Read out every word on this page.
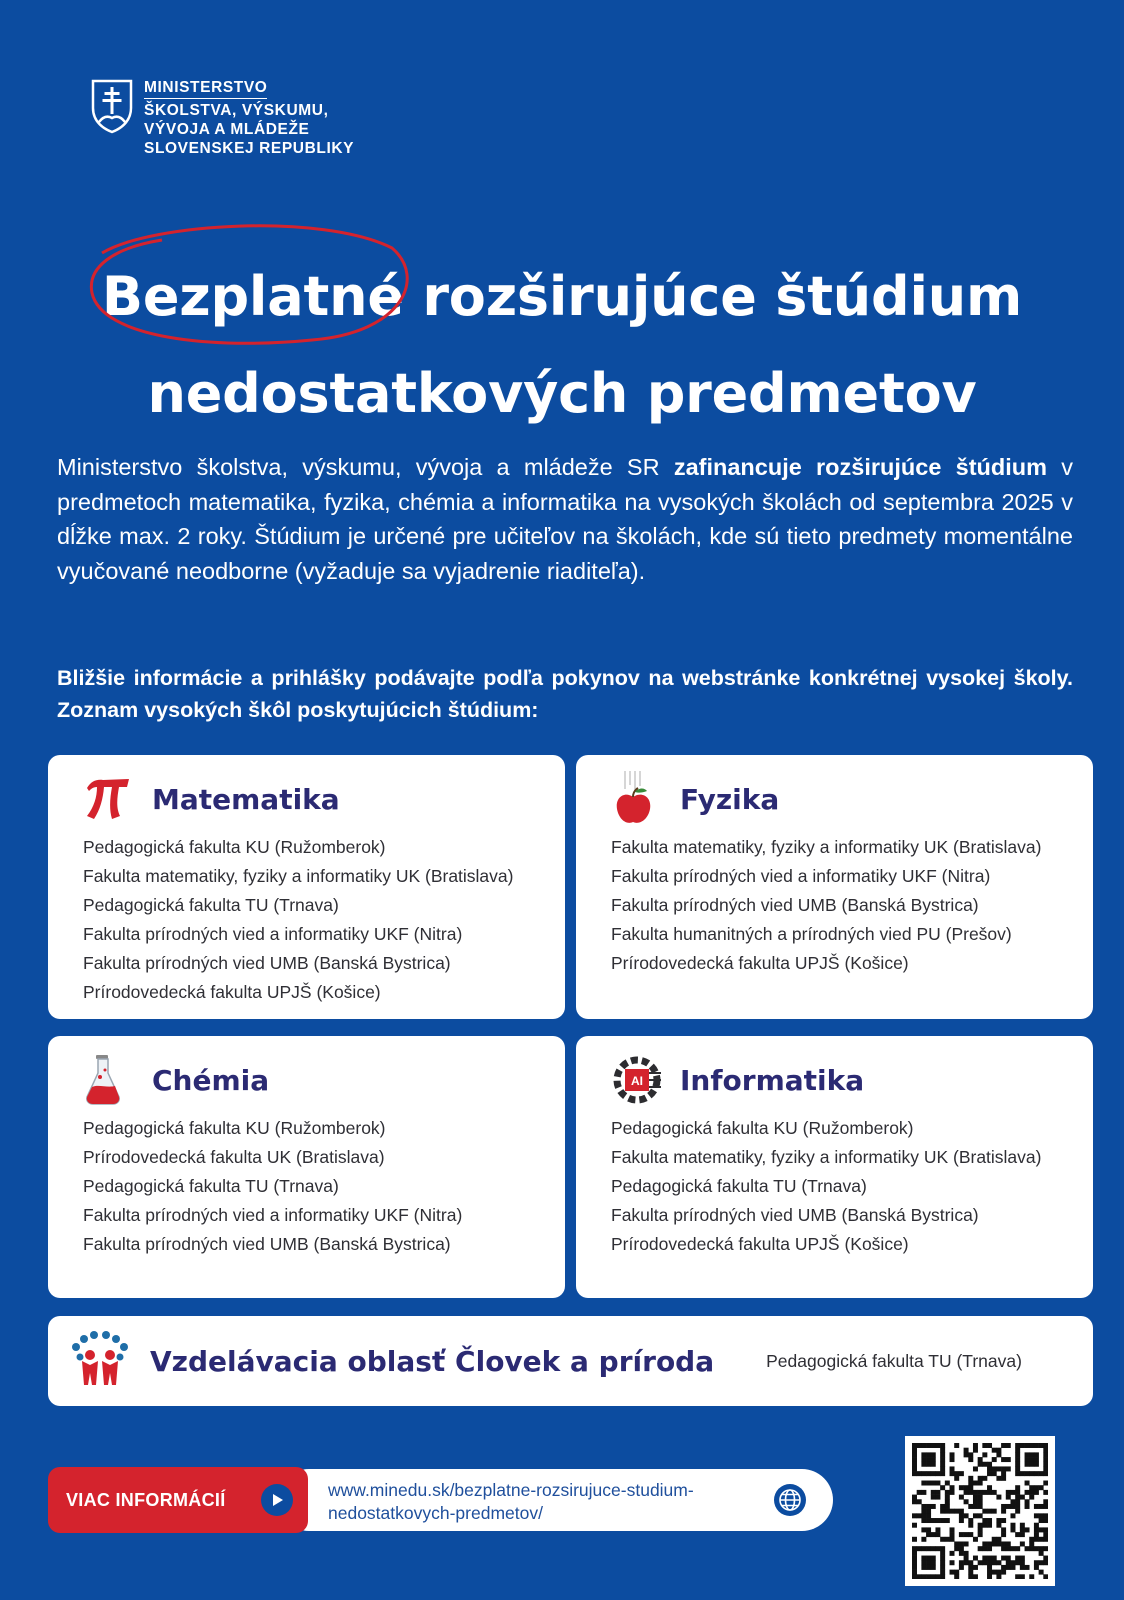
MINISTERSTVO
ŠKOLSTVA, VÝSKUMU,
VÝVOJA A MLÁDEŽE
SLOVENSKEJ REPUBLIKY
Bezplatné rozširujúce štúdium
nedostatkových predmetov

Ministerstvo školstva, výskumu, vývoja a mládeže SR zafinancuje rozširujúce štúdium v predmetoch matematika, fyzika, chémia a informatika na vysokých školách od septembra 2025 v dĺžke max. 2 roky. Štúdium je určené pre učiteľov na školách, kde sú tieto predmety momentálne vyučované neodborne (vyžaduje sa vyjadrenie riaditeľa).

Bližšie informácie a prihlášky podávajte podľa pokynov na webstránke konkrétnej vysokej školy. Zoznam vysokých škôl poskytujúcich štúdium:

Matematika
Pedagogická fakulta KU (Ružomberok)
Fakulta matematiky, fyziky a informatiky UK (Bratislava)
Pedagogická fakulta TU (Trnava)
Fakulta prírodných vied a informatiky UKF (Nitra)
Fakulta prírodných vied UMB (Banská Bystrica)
Prírodovedecká fakulta UPJŠ (Košice)
Fyzika
Fakulta matematiky, fyziky a informatiky UK (Bratislava)
Fakulta prírodných vied a informatiky UKF (Nitra)
Fakulta prírodných vied UMB (Banská Bystrica)
Fakulta humanitných a prírodných vied PU (Prešov)
Prírodovedecká fakulta UPJŠ (Košice)
Chémia
Pedagogická fakulta KU (Ružomberok)
Prírodovedecká fakulta UK (Bratislava)
Pedagogická fakulta TU (Trnava)
Fakulta prírodných vied a informatiky UKF (Nitra)
Fakulta prírodných vied UMB (Banská Bystrica)
AI Informatika
Pedagogická fakulta KU (Ružomberok)
Fakulta matematiky, fyziky a informatiky UK (Bratislava)
Pedagogická fakulta TU (Trnava)
Fakulta prírodných vied UMB (Banská Bystrica)
Prírodovedecká fakulta UPJŠ (Košice)
Vzdelávacia oblasť Človek a príroda	Pedagogická fakulta TU (Trnava)
VIAC INFORMÁCIÍ	www.minedu.sk/bezplatne-rozsirujuce-studium-
nedostatkovych-predmetov/
